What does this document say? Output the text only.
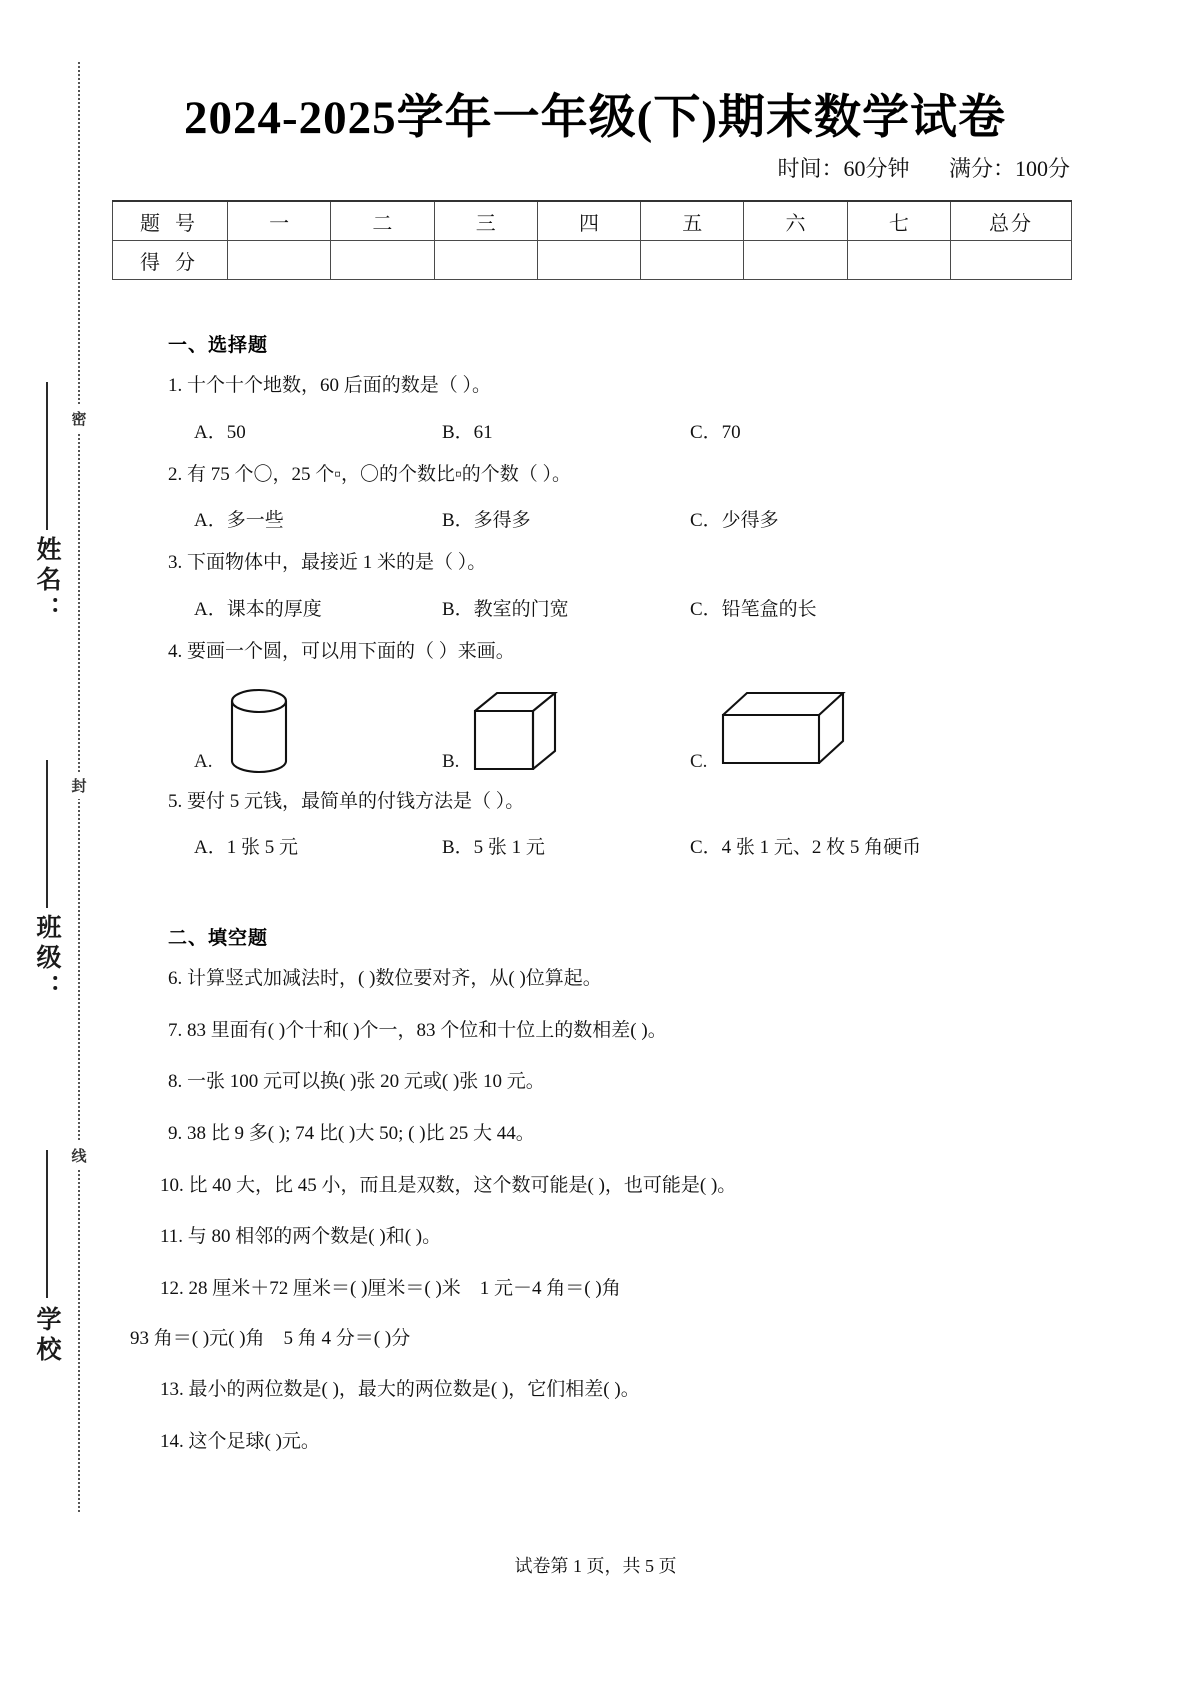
密
封
线
姓名：
班级：
学校
2024-2025学年一年级(下)期末数学试卷
时间：60分钟 满分：100分
题 号	一	二	三	四	五	六	七	总分
得 分								
一、选择题
1. 十个十个地数，60 后面的数是（ ）。
A．50	B．61	C．70
2. 有 75 个〇，25 个▫，〇的个数比▫的个数（ ）。
A．多一些	B．多得多	C．少得多
3. 下面物体中，最接近 1 米的是（ ）。
A．课本的厚度	B．教室的门宽	C．铅笔盒的长
4. 要画一个圆，可以用下面的（ ）来画。
A.	B.	C.
5. 要付 5 元钱，最简单的付钱方法是（ ）。
A．1 张 5 元	B．5 张 1 元	C．4 张 1 元、2 枚 5 角硬币
二、填空题
6. 计算竖式加减法时，( )数位要对齐，从( )位算起。
7. 83 里面有( )个十和( )个一，83 个位和十位上的数相差( )。
8. 一张 100 元可以换( )张 20 元或( )张 10 元。
9. 38 比 9 多( ); 74 比( )大 50; ( )比 25 大 44。
10. 比 40 大，比 45 小，而且是双数，这个数可能是( )，也可能是( )。
11. 与 80 相邻的两个数是( )和( )。
12. 28 厘米＋72 厘米＝( )厘米＝( )米　1 元－4 角＝( )角
93 角＝( )元( )角　5 角 4 分＝( )分
13. 最小的两位数是( )，最大的两位数是( )，它们相差( )。
14. 这个足球( )元。
试卷第 1 页，共 5 页
